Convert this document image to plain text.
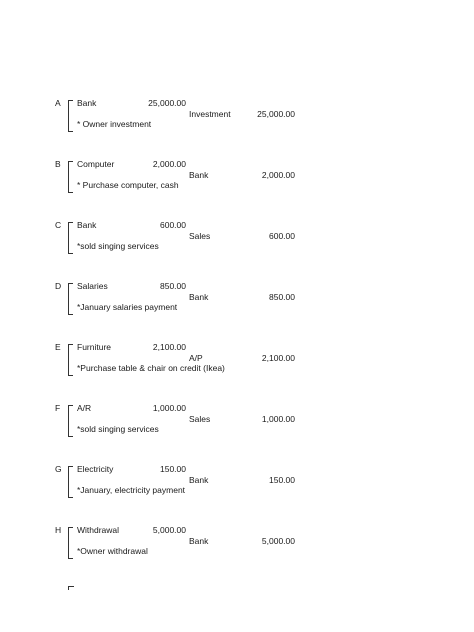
A Bank	25,000.00
Investment	25,000.00
* Owner investment
B Computer	2,000.00
Bank	2,000.00
* Purchase computer, cash
C Bank	600.00
Sales	600.00
*sold singing services
D Salaries	850.00
Bank	850.00
*January salaries payment
E Furniture	2,100.00
A/P	2,100.00
*Purchase table & chair on credit (Ikea)
F A/R	1,000.00
Sales	1,000.00
*sold singing services
G Electricity	150.00
Bank	150.00
*January, electricity payment
H Withdrawal	5,000.00
Bank	5,000.00
*Owner withdrawal
